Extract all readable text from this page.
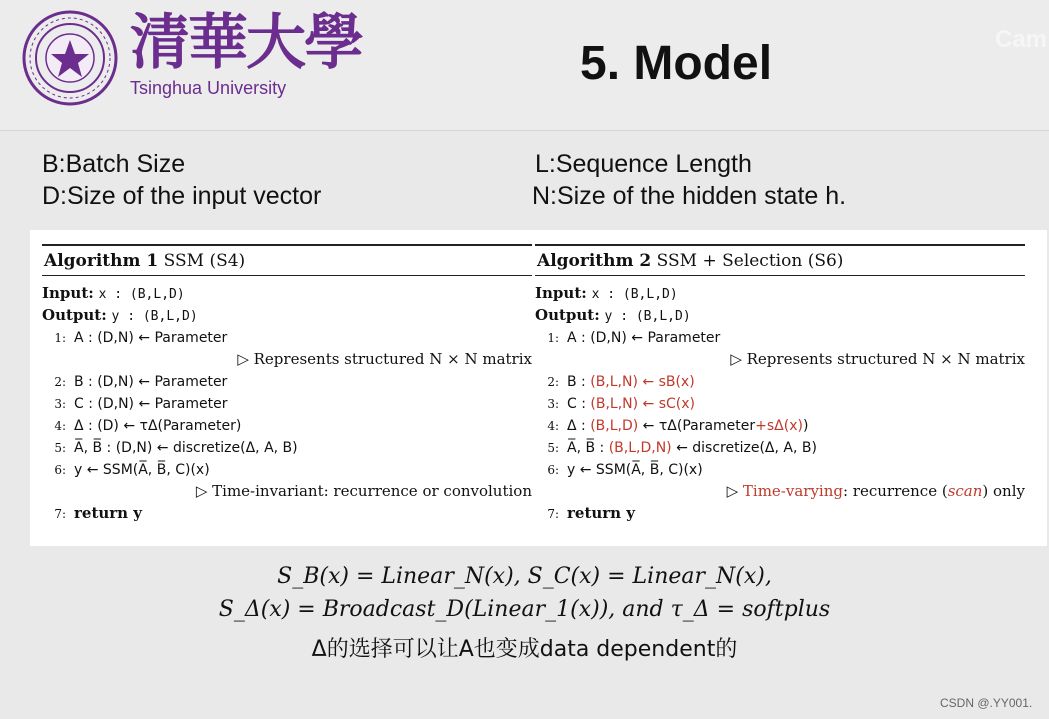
清華大學
Tsinghua University	5. Model	Cam
B:Batch Size
D:Size of the input vector
L:Sequence Length
N:Size of the hidden state h.
Algorithm 1 SSM (S4)
Input: x : (B,L,D)
Output: y : (B,L,D)
1: A : (D,N) ← Parameter
▷ Represents structured N × N matrix
2: B : (D,N) ← Parameter
3: C : (D,N) ← Parameter
4: Δ : (D) ← τΔ(Parameter)
5: A̅, B̅ : (D,N) ← discretize(Δ, A, B)
6: y ← SSM(A̅, B̅, C)(x)
▷ Time-invariant: recurrence or convolution
7: return y
Algorithm 2 SSM + Selection (S6)
Input: x : (B,L,D)
Output: y : (B,L,D)
1: A : (D,N) ← Parameter
▷ Represents structured N × N matrix
2: B : (B,L,N) ← sB(x)
3: C : (B,L,N) ← sC(x)
4: Δ : (B,L,D) ← τΔ(Parameter+sΔ(x))
5: A̅, B̅ : (B,L,D,N) ← discretize(Δ, A, B)
6: y ← SSM(A̅, B̅, C)(x)
▷ Time-varying: recurrence (scan) only
7: return y
S_B(x) = Linear_N(x), S_C(x) = Linear_N(x),
S_Δ(x) = Broadcast_D(Linear_1(x)), and τ_Δ = softplus
Δ的选择可以让A也变成data dependent的
CSDN @.YY001.
